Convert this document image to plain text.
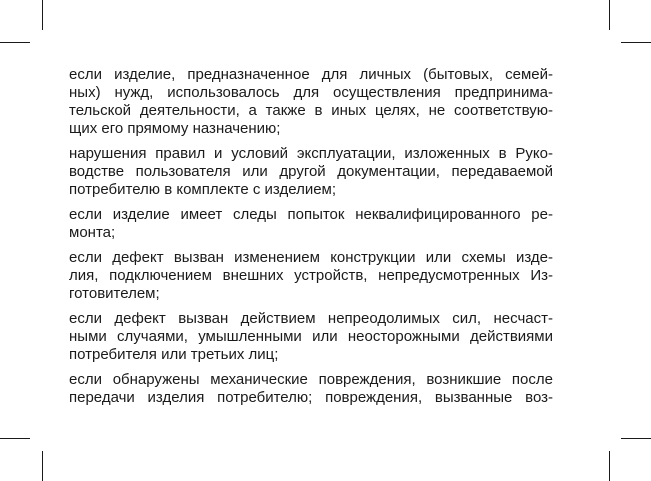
если изделие, предназначенное для личных (бытовых, семей-
ных) нужд, использовалось для осуществления предпринима-
тельской деятельности, а также в иных целях, не соответствую-
щих его прямому назначению;

нарушения правил и условий эксплуатации, изложенных в Руко-
водстве пользователя или другой документации, передаваемой
потребителю в комплекте с изделием;

если изделие имеет следы попыток неквалифицированного ре-
монта;

если дефект вызван изменением конструкции или схемы изде-
лия, подключением внешних устройств, непредусмотренных Из-
готовителем;

если дефект вызван действием непреодолимых сил, несчаст-
ными случаями, умышленными или неосторожными действиями
потребителя или третьих лиц;

если обнаружены механические повреждения, возникшие после
передачи изделия потребителю; повреждения, вызванные воз-
